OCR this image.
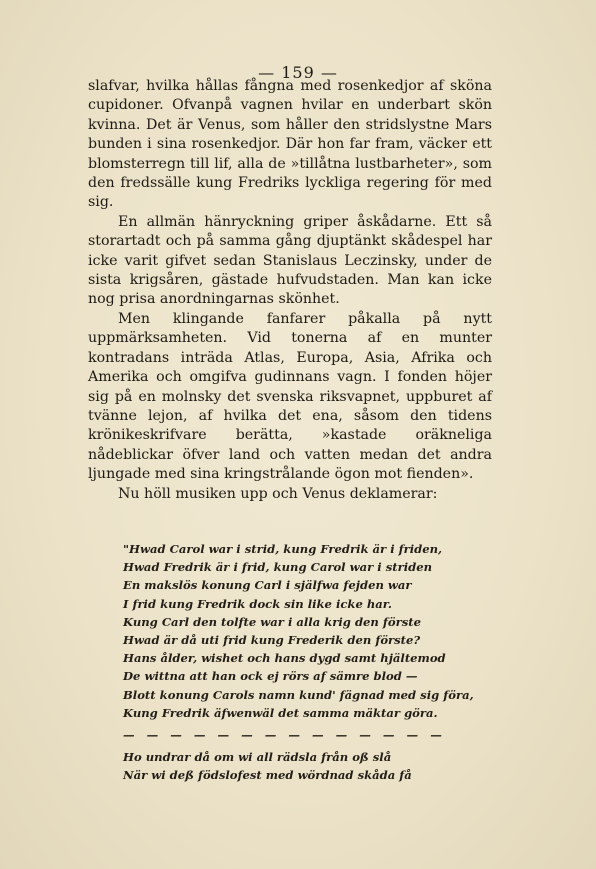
— 159 —

slafvar, hvilka hållas fångna med rosenkedjor af sköna cupidoner. Ofvanpå vagnen hvilar en underbart skön kvinna. Det är Venus, som håller den stridslystne Mars bunden i sina rosenkedjor. Där hon far fram, väcker ett blomsterregn till lif, alla de »tillåtna lustbarheter», som den fredssälle kung Fredriks lyckliga regering för med sig.

En allmän hänryckning griper åskådarne. Ett så storartadt och på samma gång djuptänkt skådespel har icke varit gifvet sedan Stanislaus Leczinsky, under de sista krigsåren, gästade hufvudstaden. Man kan icke nog prisa anordningarnas skönhet.

Men klingande fanfarer påkalla på nytt uppmärksamheten. Vid tonerna af en munter kontradans inträda Atlas, Europa, Asia, Afrika och Amerika och omgifva gudinnans vagn. I fonden höjer sig på en molnsky det svenska riksvapnet, uppburet af tvänne lejon, af hvilka det ena, såsom den tidens krönikeskrifvare berätta, »kastade oräkneliga nådeblickar öfver land och vatten medan det andra ljungade med sina kringstrålande ögon mot fienden».

Nu höll musiken upp och Venus deklamerar:

"Hwad Carol war i strid, kung Fredrik är i friden,
Hwad Fredrik är i frid, kung Carol war i striden
En makslös konung Carl i själfwa fejden war
I frid kung Fredrik dock sin like icke har.
Kung Carl den tolfte war i alla krig den förste
Hwad är då uti frid kung Frederik den förste?
Hans ålder, wishet och hans dygd samt hjältemod
De wittna att han ock ej rörs af sämre blod —
Blott konung Carols namn kund' fägnad med sig föra,
Kung Fredrik äfwenwäl det samma mäktar göra.
— — — — — — — — — — — — — —
Ho undrar då om wi all rädsla från oß slå
När wi deß födslofest med wördnad skåda få
